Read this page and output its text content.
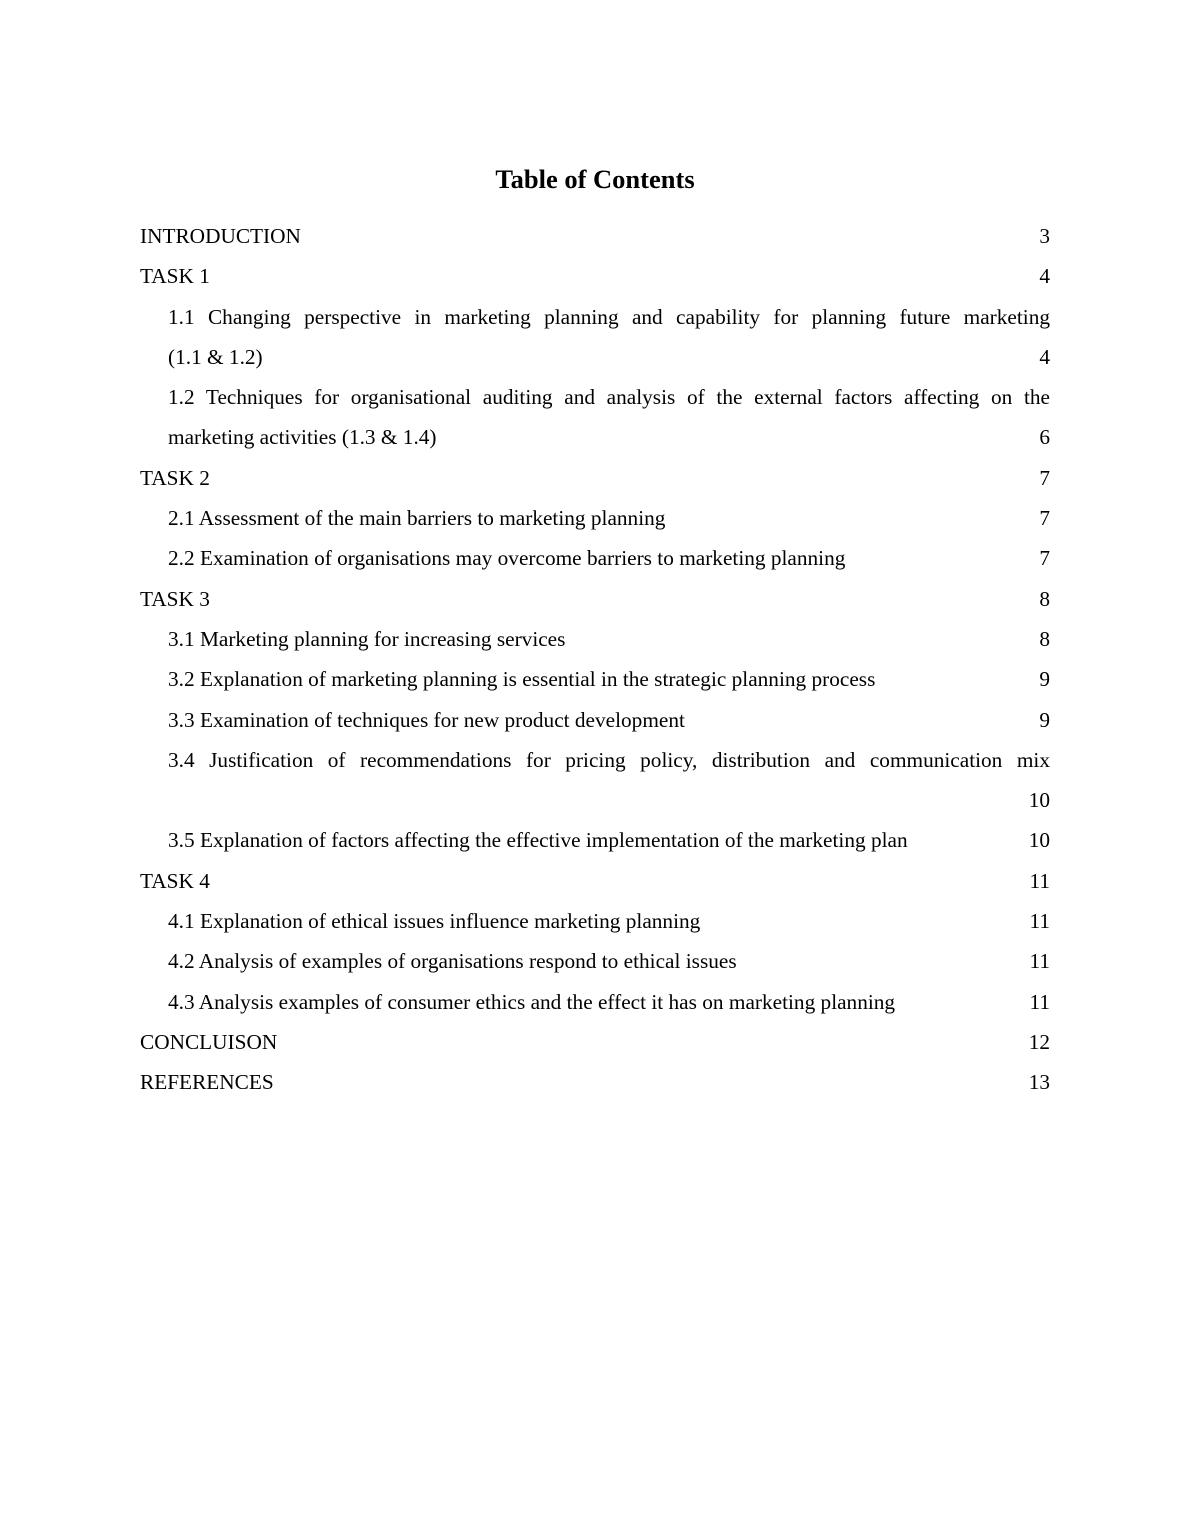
Table of Contents
INTRODUCTION	3
TASK 1	4
1.1 Changing perspective in marketing planning and capability for planning future marketing
(1.1 & 1.2)	4
1.2 Techniques for organisational auditing and analysis of the external factors affecting on the
marketing activities (1.3 & 1.4)	6
TASK 2	7
2.1 Assessment of the main barriers to marketing planning	7
2.2 Examination of organisations may overcome barriers to marketing planning	7
TASK 3	8
3.1 Marketing planning for increasing services	8
3.2 Explanation of marketing planning is essential in the strategic planning process	9
3.3 Examination of techniques for new product development	9
3.4 Justification of recommendations for pricing policy, distribution and communication mix
10
3.5 Explanation of factors affecting the effective implementation of the marketing plan	10
TASK 4	11
4.1 Explanation of ethical issues influence marketing planning	11
4.2 Analysis of examples of organisations respond to ethical issues	11
4.3 Analysis examples of consumer ethics and the effect it has on marketing planning	11
CONCLUISON	12
REFERENCES	13
